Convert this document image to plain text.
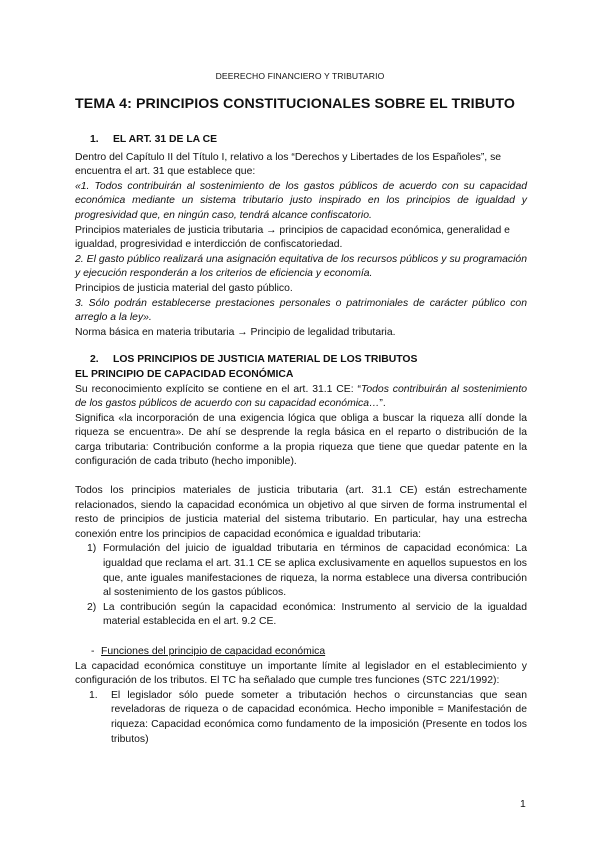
DEERECHO FINANCIERO Y TRIBUTARIO
TEMA 4: PRINCIPIOS CONSTITUCIONALES SOBRE EL TRIBUTO

1. EL ART. 31 DE LA CE

Dentro del Capítulo II del Título I, relativo a los “Derechos y Libertades de los Españoles”, se encuentra el art. 31 que establece que:

«1. Todos contribuirán al sostenimiento de los gastos públicos de acuerdo con su capacidad económica mediante un sistema tributario justo inspirado en los principios de igualdad y progresividad que, en ningún caso, tendrá alcance confiscatorio.

Principios materiales de justicia tributaria → principios de capacidad económica, generalidad e igualdad, progresividad e interdicción de confiscatoriedad.

2. El gasto público realizará una asignación equitativa de los recursos públicos y su programación y ejecución responderán a los criterios de eficiencia y economía.

Principios de justicia material del gasto público.

3. Sólo podrán establecerse prestaciones personales o patrimoniales de carácter público con arreglo a la ley».

Norma básica en materia tributaria → Principio de legalidad tributaria.

2. LOS PRINCIPIOS DE JUSTICIA MATERIAL DE LOS TRIBUTOS

EL PRINCIPIO DE CAPACIDAD ECONÓMICA

Su reconocimiento explícito se contiene en el art. 31.1 CE: “Todos contribuirán al sostenimiento de los gastos públicos de acuerdo con su capacidad económica…”.

Significa «la incorporación de una exigencia lógica que obliga a buscar la riqueza allí donde la riqueza se encuentra». De ahí se desprende la regla básica en el reparto o distribución de la carga tributaria: Contribución conforme a la propia riqueza que tiene que quedar patente en la configuración de cada tributo (hecho imponible).

Todos los principios materiales de justicia tributaria (art. 31.1 CE) están estrechamente relacionados, siendo la capacidad económica un objetivo al que sirven de forma instrumental el resto de principios de justicia material del sistema tributario. En particular, hay una estrecha conexión entre los principios de capacidad económica e igualdad tributaria:

1) Formulación del juicio de igualdad tributaria en términos de capacidad económica: La igualdad que reclama el art. 31.1 CE se aplica exclusivamente en aquellos supuestos en los que, ante iguales manifestaciones de riqueza, la norma establece una diversa contribución al sostenimiento de los gastos públicos.
2) La contribución según la capacidad económica: Instrumento al servicio de la igualdad material establecida en el art. 9.2 CE.
- Funciones del principio de capacidad económica

La capacidad económica constituye un importante límite al legislador en el establecimiento y configuración de los tributos. El TC ha señalado que cumple tres funciones (STC 221/1992):

1.	El legislador sólo puede someter a tributación hechos o circunstancias que sean reveladoras de riqueza o de capacidad económica. Hecho imponible = Manifestación de riqueza: Capacidad económica como fundamento de la imposición (Presente en todos los tributos)
1
